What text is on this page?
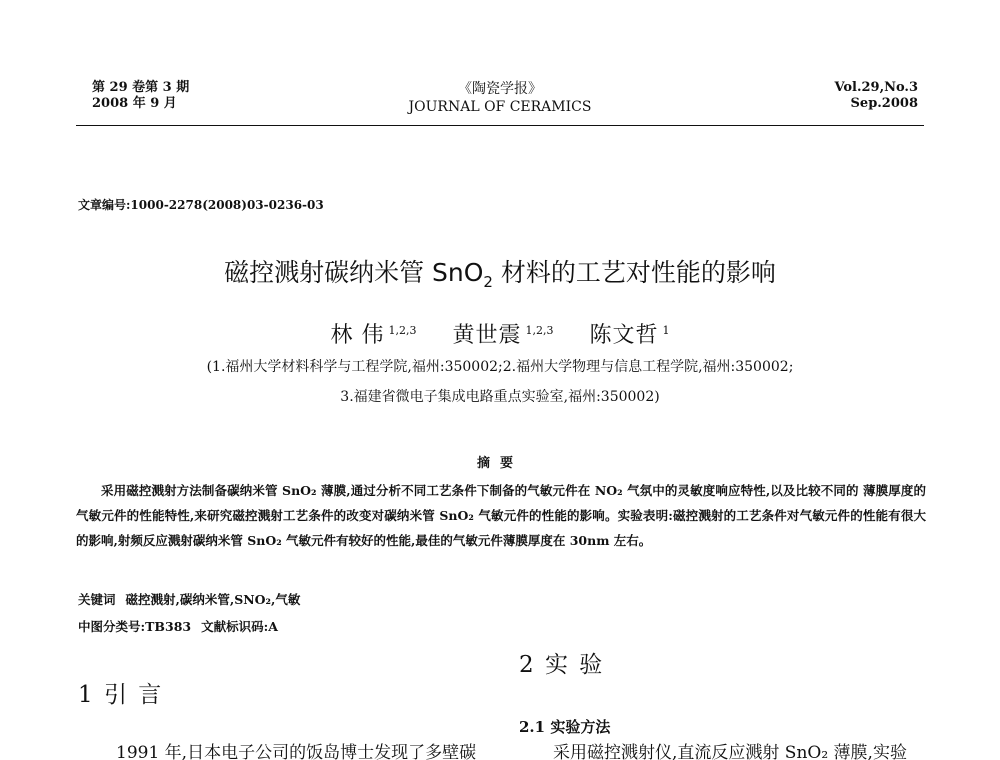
第 29 卷第 3 期
2008 年 9 月
《陶瓷学报》
JOURNAL OF CERAMICS
Vol.29,No.3
Sep.2008
文章编号:1000-2278(2008)03-0236-03
磁控溅射碳纳米管 SnO$_2$ 材料的工艺对性能的影响
林 伟 $^{1,2,3}$ 黄世震 $^{1,2,3}$ 陈文哲 $^1$
(1.福州大学材料科学与工程学院,福州:350002;2.福州大学物理与信息工程学院,福州:350002;
3.福建省微电子集成电路重点实验室,福州:350002)
摘要

采用磁控溅射方法制备碳纳米管 SnO₂ 薄膜,通过分析不同工艺条件下制备的气敏元件在 NO₂ 气氛中的灵敏度响应特性,以及比较不同的 薄膜厚度的气敏元件的性能特性,来研究磁控溅射工艺条件的改变对碳纳米管 SnO₂ 气敏元件的性能的影响。实验表明:磁控溅射的工艺条件对气敏元件的性能有很大的影响,射频反应溅射碳纳米管 SnO₂ 气敏元件有较好的性能,最佳的气敏元件薄膜厚度在 30nm 左右。

关键词 磁控溅射,碳纳米管,SNO₂,气敏
中图分类号:TB383 文献标识码:A
1 引 言
2 实 验
2.1 实验方法
1991 年,日本电子公司的饭岛博士发现了多壁碳	采用磁控溅射仪,直流反应溅射 SnO₂ 薄膜,实验
